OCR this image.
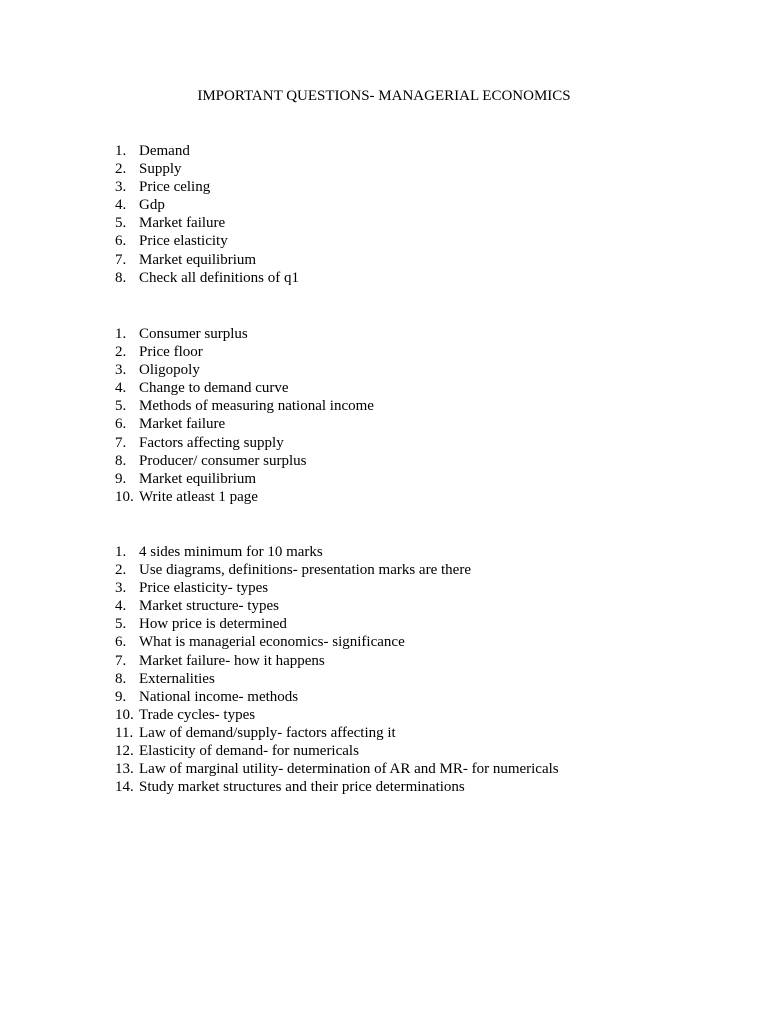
IMPORTANT QUESTIONS- MANAGERIAL ECONOMICS
1. Demand
2. Supply
3. Price celing
4. Gdp
5. Market failure
6. Price elasticity
7. Market equilibrium
8. Check all definitions of q1
1. Consumer surplus
2. Price floor
3. Oligopoly
4. Change to demand curve
5. Methods of measuring national income
6. Market failure
7. Factors affecting supply
8. Producer/ consumer surplus
9. Market equilibrium
10. Write atleast 1 page
1. 4 sides minimum for 10 marks
2. Use diagrams, definitions- presentation marks are there
3. Price elasticity- types
4. Market structure- types
5. How price is determined
6. What is managerial economics- significance
7. Market failure- how it happens
8. Externalities
9. National income- methods
10. Trade cycles- types
11. Law of demand/supply- factors affecting it
12. Elasticity of demand- for numericals
13. Law of marginal utility- determination of AR and MR- for numericals
14. Study market structures and their price determinations
